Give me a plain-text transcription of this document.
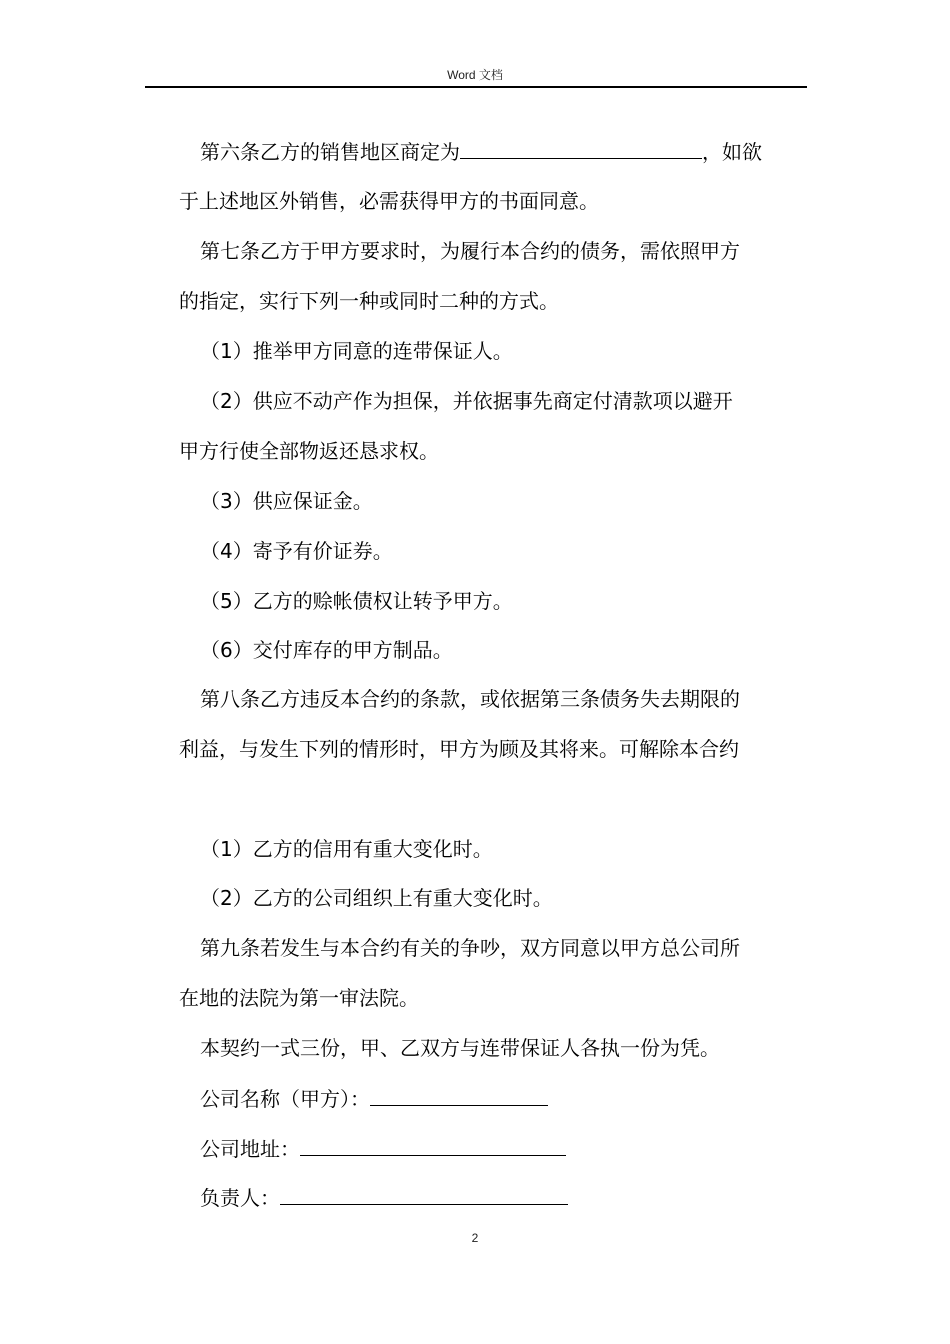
Word 文档
第六条乙方的销售地区商定为	，如欲
于上述地区外销售，必需获得甲方的书面同意。
第七条乙方于甲方要求时，为履行本合约的债务，需依照甲方
的指定，实行下列一种或同时二种的方式。
（1）推举甲方同意的连带保证人。
（2）供应不动产作为担保，并依据事先商定付清款项以避开
甲方行使全部物返还恳求权。
（3）供应保证金。
（4）寄予有价证券。
（5）乙方的赊帐债权让转予甲方。
（6）交付库存的甲方制品。
第八条乙方违反本合约的条款，或依据第三条债务失去期限的
利益，与发生下列的情形时，甲方为顾及其将来。可解除本合约
（1）乙方的信用有重大变化时。
（2）乙方的公司组织上有重大变化时。
第九条若发生与本合约有关的争吵，双方同意以甲方总公司所
在地的法院为第一审法院。
本契约一式三份，甲、乙双方与连带保证人各执一份为凭。
公司名称（甲方）：
公司地址：
负责人：
2
